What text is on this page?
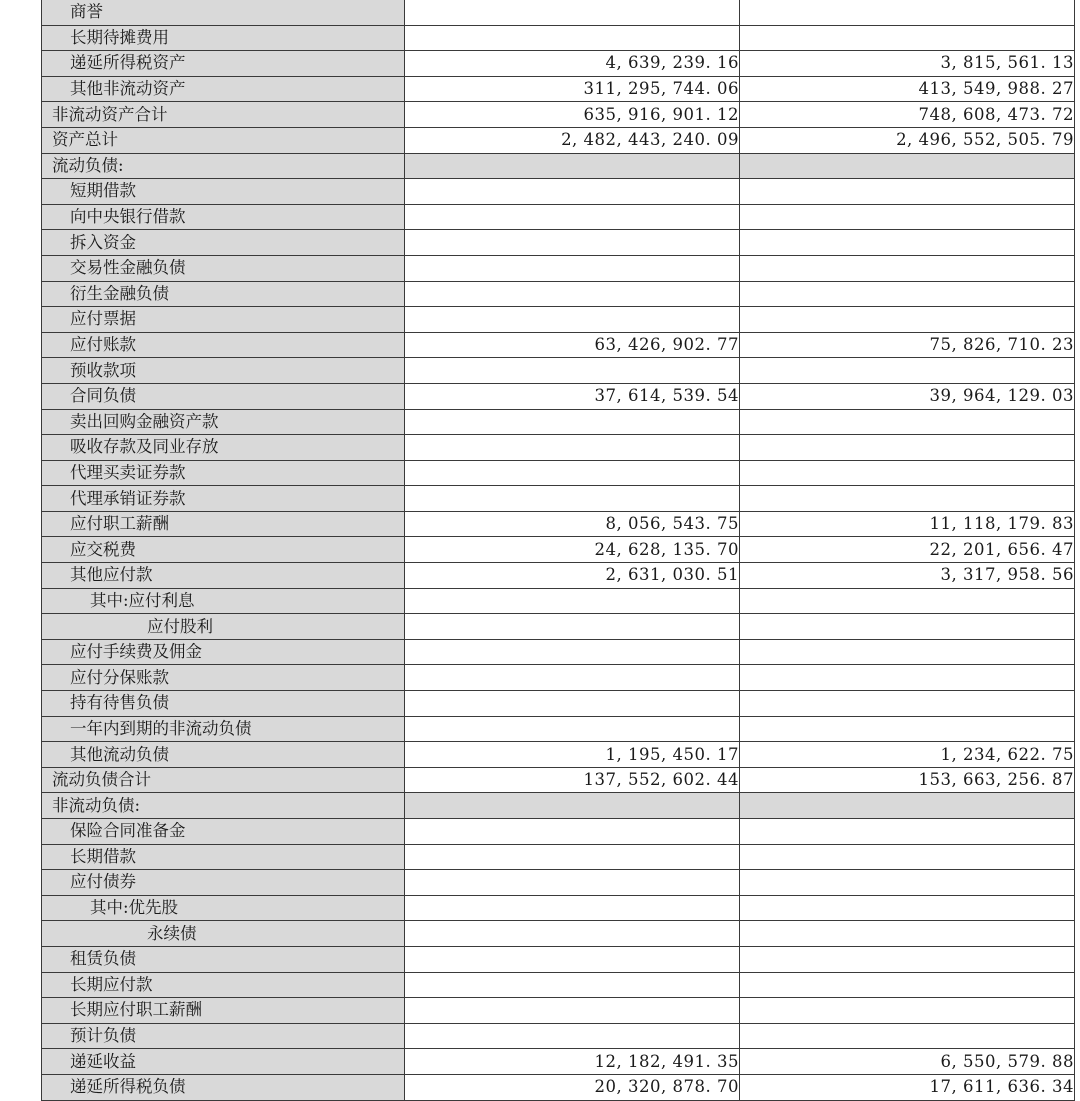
商誉		
长期待摊费用		
递延所得税资产	4, 639, 239. 16	3, 815, 561. 13
其他非流动资产	311, 295, 744. 06	413, 549, 988. 27
非流动资产合计	635, 916, 901. 12	748, 608, 473. 72
资产总计	2, 482, 443, 240. 09	2, 496, 552, 505. 79
流动负债:		
短期借款		
向中央银行借款		
拆入资金		
交易性金融负债		
衍生金融负债		
应付票据		
应付账款	63, 426, 902. 77	75, 826, 710. 23
预收款项		
合同负债	37, 614, 539. 54	39, 964, 129. 03
卖出回购金融资产款		
吸收存款及同业存放		
代理买卖证券款		
代理承销证券款		
应付职工薪酬	8, 056, 543. 75	11, 118, 179. 83
应交税费	24, 628, 135. 70	22, 201, 656. 47
其他应付款	2, 631, 030. 51	3, 317, 958. 56
其中:应付利息		
应付股利		
应付手续费及佣金		
应付分保账款		
持有待售负债		
一年内到期的非流动负债		
其他流动负债	1, 195, 450. 17	1, 234, 622. 75
流动负债合计	137, 552, 602. 44	153, 663, 256. 87
非流动负债:		
保险合同准备金		
长期借款		
应付债券		
其中:优先股		
永续债		
租赁负债		
长期应付款		
长期应付职工薪酬		
预计负债		
递延收益	12, 182, 491. 35	6, 550, 579. 88
递延所得税负债	20, 320, 878. 70	17, 611, 636. 34
